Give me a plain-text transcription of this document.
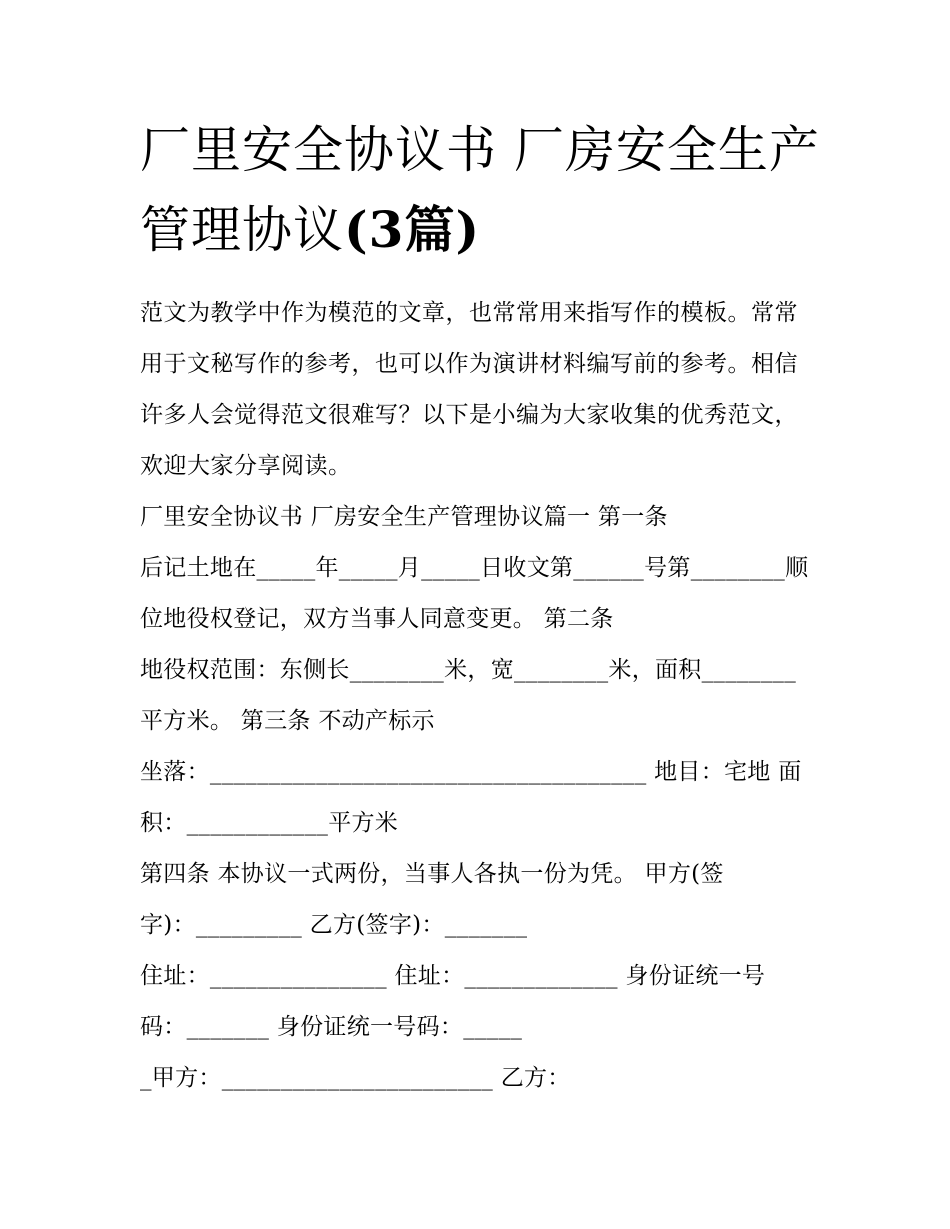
厂里安全协议书 厂房安全生产
管理协议(3篇)

范文为教学中作为模范的文章，也常常用来指写作的模板。常常用于文秘写作的参考，也可以作为演讲材料编写前的参考。相信许多人会觉得范文很难写？以下是小编为大家收集的优秀范文，欢迎大家分享阅读。

厂里安全协议书 厂房安全生产管理协议篇一 第一条

后记土地在_____年_____月_____日收文第______号第________顺

位地役权登记，双方当事人同意变更。 第二条

地役权范围：东侧长________米，宽________米，面积________

平方米。 第三条 不动产标示

坐落：_____________________________________ 地目：宅地 面

积：____________平方米

第四条 本协议一式两份，当事人各执一份为凭。 甲方(签

字)：_________ 乙方(签字)：_______

住址：_______________ 住址：_____________ 身份证统一号

码：_______ 身份证统一号码：_____

_甲方：_______________________ 乙方：
